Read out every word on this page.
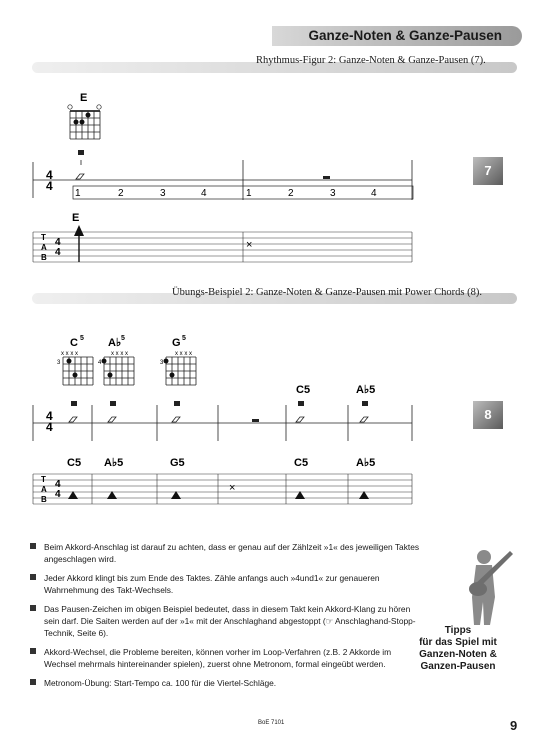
Ganze-Noten & Ganze-Pausen
Rhythmus-Figur 2: Ganze-Noten & Ganze-Pausen (7).
E
4
4
1	2	3	4	1	2	3	4
E
T
A
B
4
4
×
7
Übungs-Beispiel 2: Ganze-Noten & Ganze-Pausen mit Power Chords (8).
C 5
x x x x
3
A♭ 5
x x x x
4
G 5
x x x x
3
C5	A♭5
4
4
C5 A♭5	G5	C5	A♭5
T
A
B
4
4
×
8

Beim Akkord-Anschlag ist darauf zu achten, dass er genau auf der Zählzeit »1« des jeweiligen Taktes angeschlagen wird.

Jeder Akkord klingt bis zum Ende des Taktes. Zähle anfangs auch »4und1« zur genaueren Wahrnehmung des Takt-Wechsels.

Das Pausen-Zeichen im obigen Beispiel bedeutet, dass in diesem Takt kein Akkord-Klang zu hören sein darf. Die Saiten werden auf der »1« mit der Anschlaghand abgestoppt (☞ Anschlaghand-Stopp-Technik, Seite 6).

Akkord-Wechsel, die Probleme bereiten, können vorher im Loop-Verfahren (z.B. 2 Akkorde im Wechsel mehrmals hintereinander spielen), zuerst ohne Metronom, formal eingeübt werden.

Metronom-Übung: Start-Tempo ca. 100 für die Viertel-Schläge.

Tipps
für das Spiel mit
Ganzen-Noten &
Ganzen-Pausen
BoE 7101	9
